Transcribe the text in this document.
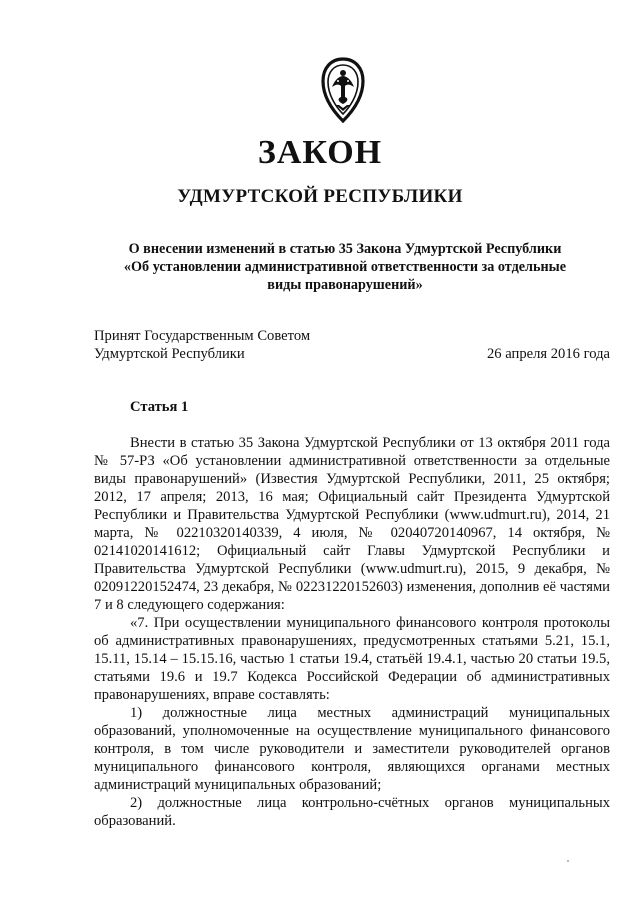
ЗАКОН
УДМУРТСКОЙ РЕСПУБЛИКИ
О внесении изменений в статью 35 Закона Удмуртской Республики
«Об установлении административной ответственности за отдельные
виды правонарушений»
Принят Государственным Советом
Удмуртской Республики	26 апреля 2016 года
Статья 1

Внести в статью 35 Закона Удмуртской Республики от 13 октября 2011 года № 57-РЗ «Об установлении административной ответственности за отдельные виды правонарушений» (Известия Удмуртской Республики, 2011, 25 октября; 2012, 17 апреля; 2013, 16 мая; Официальный сайт Президента Удмуртской Республики и Правительства Удмуртской Республики (www.udmurt.ru), 2014, 21 марта, № 02210320140339, 4 июля, № 02040720140967, 14 октября, № 02141020141612; Официальный сайт Главы Удмуртской Республики и Правительства Удмуртской Республики (www.udmurt.ru), 2015, 9 декабря, № 02091220152474, 23 декабря, № 02231220152603) изменения, дополнив её частями 7 и 8 следующего содержания:

«7. При осуществлении муниципального финансового контроля протоколы об административных правонарушениях, предусмотренных статьями 5.21, 15.1, 15.11, 15.14 – 15.15.16, частью 1 статьи 19.4, статьёй 19.4.1, частью 20 статьи 19.5, статьями 19.6 и 19.7 Кодекса Российской Федерации об административных правонарушениях, вправе составлять:

1) должностные лица местных администраций муниципальных образований, уполномоченные на осуществление муниципального финансового контроля, в том числе руководители и заместители руководителей органов муниципального финансового контроля, являющихся органами местных администраций муниципальных образований;

2) должностные лица контрольно-счётных органов муниципальных образований.
